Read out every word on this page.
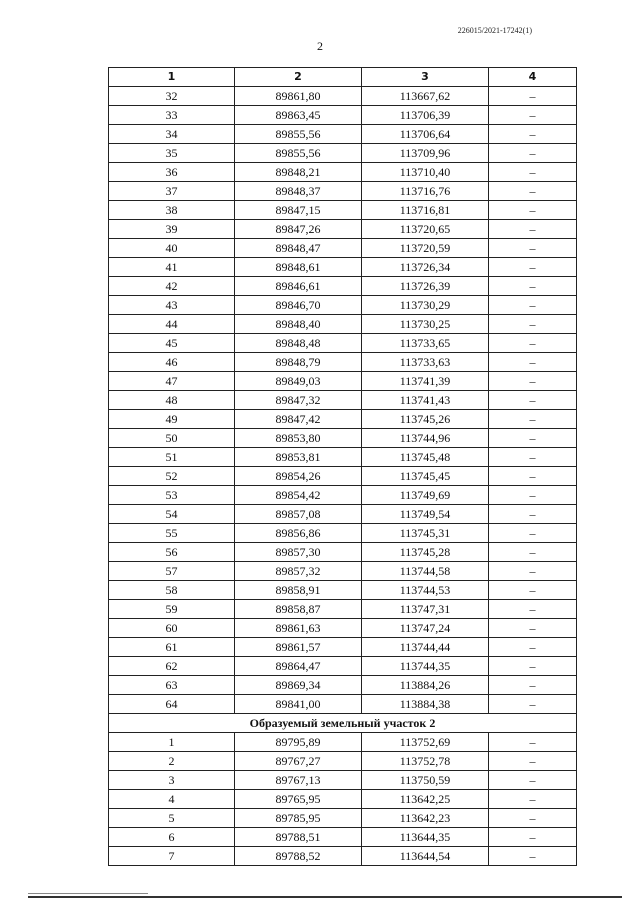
226015/2021-17242(1)
2
1	2	3	4
32	89861,80	113667,62	–
33	89863,45	113706,39	–
34	89855,56	113706,64	–
35	89855,56	113709,96	–
36	89848,21	113710,40	–
37	89848,37	113716,76	–
38	89847,15	113716,81	–
39	89847,26	113720,65	–
40	89848,47	113720,59	–
41	89848,61	113726,34	–
42	89846,61	113726,39	–
43	89846,70	113730,29	–
44	89848,40	113730,25	–
45	89848,48	113733,65	–
46	89848,79	113733,63	–
47	89849,03	113741,39	–
48	89847,32	113741,43	–
49	89847,42	113745,26	–
50	89853,80	113744,96	–
51	89853,81	113745,48	–
52	89854,26	113745,45	–
53	89854,42	113749,69	–
54	89857,08	113749,54	–
55	89856,86	113745,31	–
56	89857,30	113745,28	–
57	89857,32	113744,58	–
58	89858,91	113744,53	–
59	89858,87	113747,31	–
60	89861,63	113747,24	–
61	89861,57	113744,44	–
62	89864,47	113744,35	–
63	89869,34	113884,26	–
64	89841,00	113884,38	–
Образуемый земельный участок 2			
1	89795,89	113752,69	–
2	89767,27	113752,78	–
3	89767,13	113750,59	–
4	89765,95	113642,25	–
5	89785,95	113642,23	–
6	89788,51	113644,35	–
7	89788,52	113644,54	–
